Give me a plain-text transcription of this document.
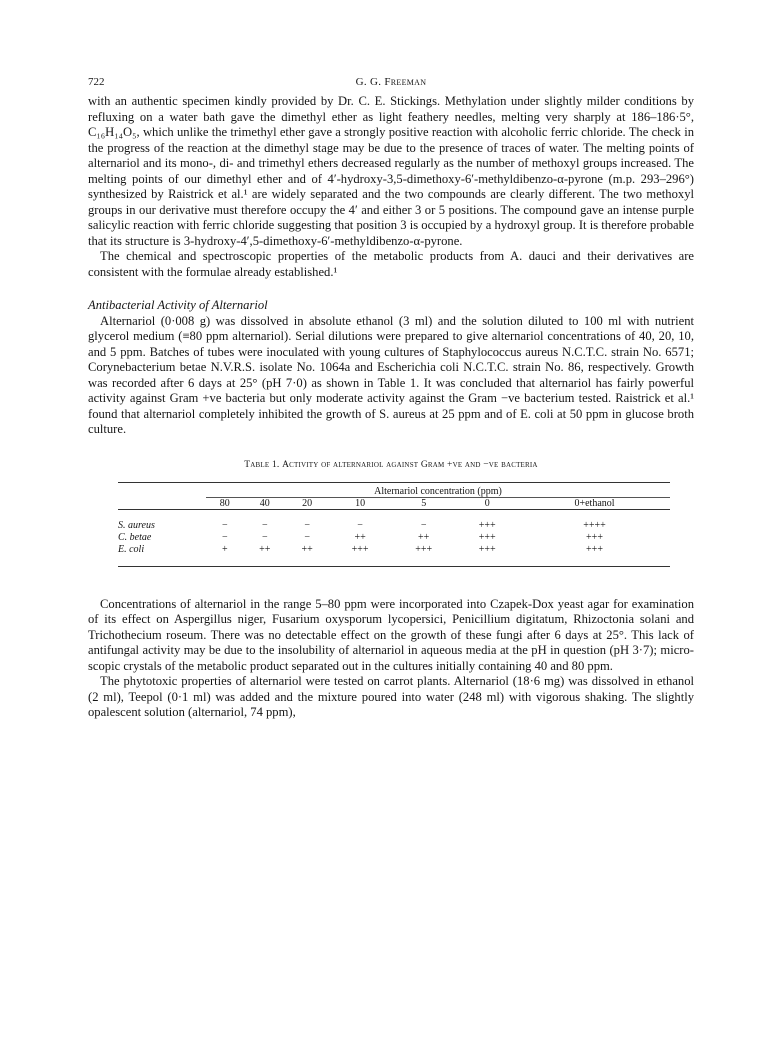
722	G. G. Freeman

with an authentic specimen kindly provided by Dr. C. E. Stickings. Methylation under slightly milder conditions by refluxing on a water bath gave the dimethyl ether as light feathery needles, melting very sharply at 186–186·5°, C₁₆H₁₄O₅, which unlike the trimethyl ether gave a strongly positive reaction with alcoholic ferric chloride. The check in the progress of the reaction at the dimethyl stage may be due to the presence of traces of water. The melting points of alternariol and its mono-, di- and trimethyl ethers decreased regularly as the number of methoxyl groups increased. The melting points of our dimethyl ether and of 4′-hydroxy-3,5-dimethoxy-6′-methyldibenzo-α-pyrone (m.p. 293–296°) synthesized by Raistrick et al.¹ are widely separated and the two compounds are clearly different. The two methoxyl groups in our derivative must therefore occupy the 4′ and either 3 or 5 positions. The compound gave an intense purple salicylic reaction with ferric chloride suggesting that position 3 is occupied by a hydroxyl group. It is therefore probable that its structure is 3-hydroxy-4′,5-dimethoxy-6′-methyldibenzo-α-pyrone.

The chemical and spectroscopic properties of the metabolic products from A. dauci and their derivatives are consistent with the formulae already established.¹

Antibacterial Activity of Alternariol

Alternariol (0·008 g) was dissolved in absolute ethanol (3 ml) and the solution diluted to 100 ml with nutrient glycerol medium (≡80 ppm alternariol). Serial dilutions were prepared to give alternariol concentrations of 40, 20, 10, and 5 ppm. Batches of tubes were inoculated with young cultures of Staphylococcus aureus N.C.T.C. strain No. 6571; Corynebacterium betae N.V.R.S. isolate No. 1064a and Escherichia coli N.C.T.C. strain No. 86, respectively. Growth was recorded after 6 days at 25° (pH 7·0) as shown in Table 1. It was concluded that alternariol has fairly powerful activity against Gram +ve bacteria but only moderate activity against the Gram −ve bacterium tested. Raistrick et al.¹ found that alternariol completely inhibited the growth of S. aureus at 25 ppm and of E. coli at 50 ppm in glucose broth culture.

Table 1. Activity of alternariol against Gram +ve and −ve bacteria

	Alternariol concentration (ppm)						
	80	40	20	10	5	0	0+ethanol

S. aureus	−	−	−	−	−	+++	++++
C. betae	−	−	−	++	++	+++	+++
E. coli	+	++	++	+++	+++	+++	+++

Concentrations of alternariol in the range 5–80 ppm were incorporated into Czapek-Dox yeast agar for examination of its effect on Aspergillus niger, Fusarium oxysporum lycopersici, Penicillium digitatum, Rhizoctonia solani and Trichothecium roseum. There was no detectable effect on the growth of these fungi after 6 days at 25°. This lack of antifungal activity may be due to the insolubility of alternariol in aqueous media at the pH in question (pH 3·7); micro-scopic crystals of the metabolic product separated out in the cultures initially containing 40 and 80 ppm.

The phytotoxic properties of alternariol were tested on carrot plants. Alternariol (18·6 mg) was dissolved in ethanol (2 ml), Teepol (0·1 ml) was added and the mixture poured into water (248 ml) with vigorous shaking. The slightly opalescent solution (alternariol, 74 ppm),
